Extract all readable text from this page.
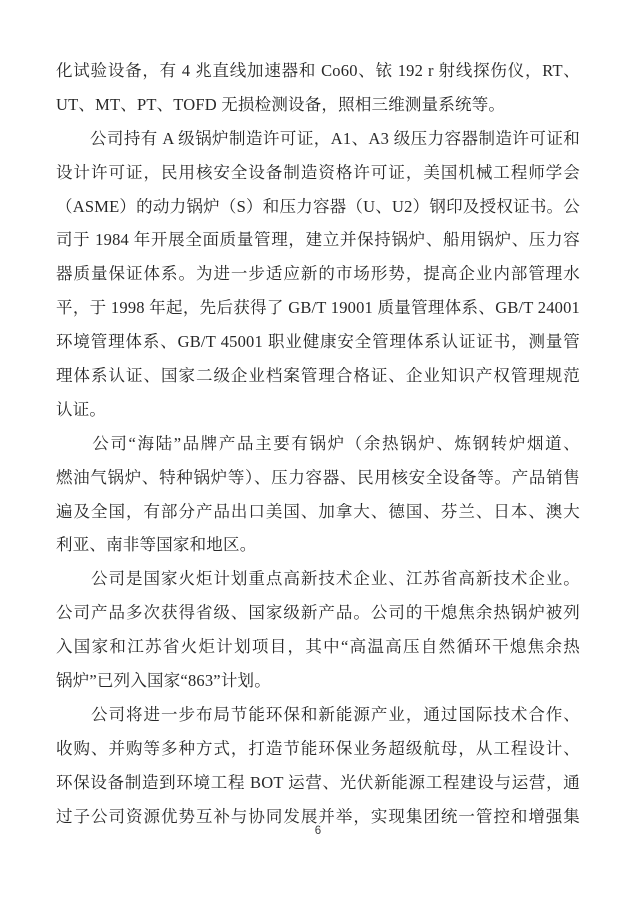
化试验设备，有 4 兆直线加速器和 Co60、铱 192 r 射线探伤仪，RT、
UT、MT、PT、TOFD 无损检测设备，照相三维测量系统等。
　　公司持有 A 级锅炉制造许可证，A1、A3 级压力容器制造许可证和
设计许可证，民用核安全设备制造资格许可证，美国机械工程师学会
（ASME）的动力锅炉（S）和压力容器（U、U2）钢印及授权证书。公
司于 1984 年开展全面质量管理，建立并保持锅炉、船用锅炉、压力容
器质量保证体系。为进一步适应新的市场形势，提高企业内部管理水
平，于 1998 年起，先后获得了 GB/T 19001 质量管理体系、GB/T 24001
环境管理体系、GB/T 45001 职业健康安全管理体系认证证书，测量管
理体系认证、国家二级企业档案管理合格证、企业知识产权管理规范
认证。
　　公司“海陆”品牌产品主要有锅炉（余热锅炉、炼钢转炉烟道、
燃油气锅炉、特种锅炉等）、压力容器、民用核安全设备等。产品销售
遍及全国，有部分产品出口美国、加拿大、德国、芬兰、日本、澳大
利亚、南非等国家和地区。
　　公司是国家火炬计划重点高新技术企业、江苏省高新技术企业。
公司产品多次获得省级、国家级新产品。公司的干熄焦余热锅炉被列
入国家和江苏省火炬计划项目，其中“高温高压自然循环干熄焦余热
锅炉”已列入国家“863”计划。
　　公司将进一步布局节能环保和新能源产业，通过国际技术合作、
收购、并购等多种方式，打造节能环保业务超级航母，从工程设计、
环保设备制造到环境工程 BOT 运营、光伏新能源工程建设与运营，通
过子公司资源优势互补与协同发展并举，实现集团统一管控和增强集
6
